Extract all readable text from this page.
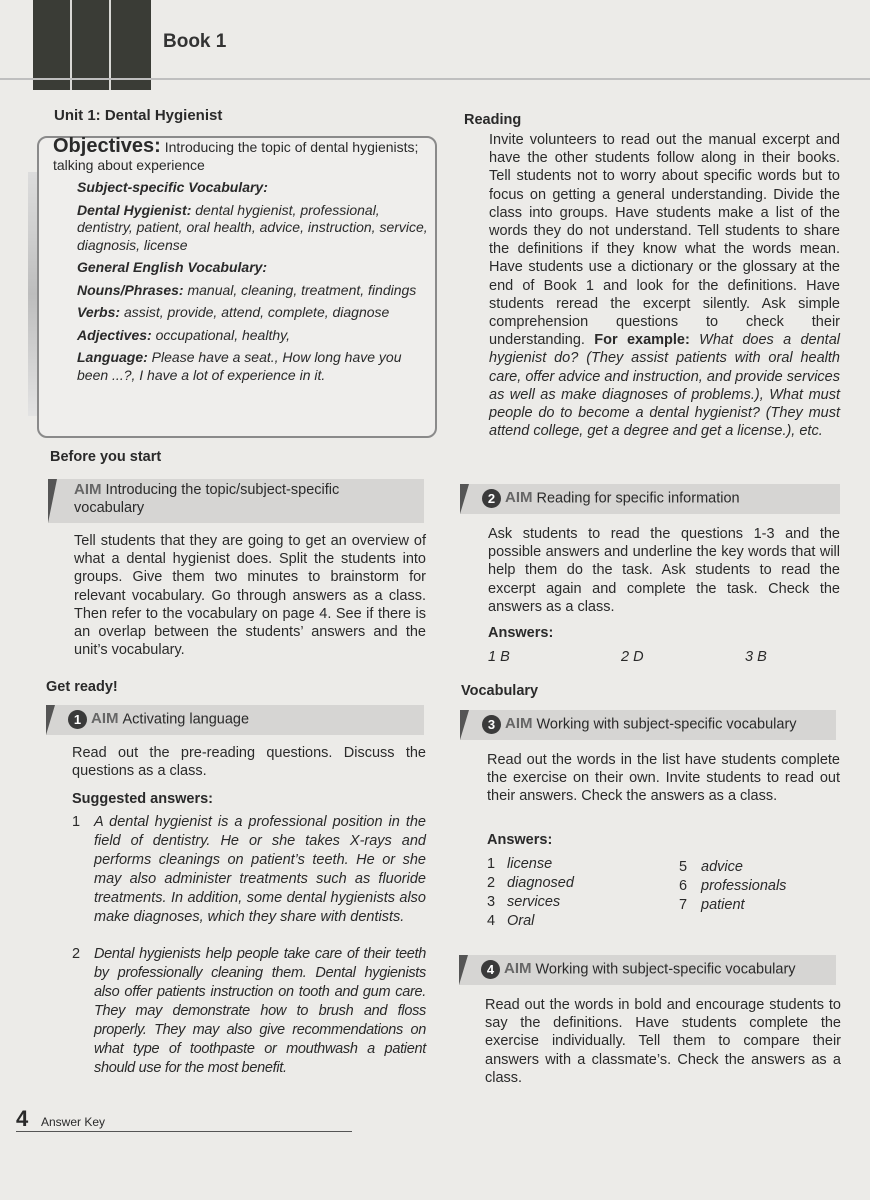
Book 1
Unit 1: Dental Hygienist

Objectives: Introducing the topic of dental hygienists; talking about experience

Subject-specific Vocabulary:

Dental Hygienist: dental hygienist, professional, dentistry, patient, oral health, advice, instruction, service, diagnosis, license

General English Vocabulary:

Nouns/Phrases: manual, cleaning, treatment, findings

Verbs: assist, provide, attend, complete, diagnose

Adjectives: occupational, healthy,

Language: Please have a seat., How long have you been ...?, I have a lot of experience in it.

Before you start
AIM Introducing the topic/subject-specific vocabulary
Tell students that they are going to get an overview of what a dental hygienist does. Split the students into groups. Give them two minutes to brainstorm for relevant vocabulary. Go through answers as a class. Then refer to the vocabulary on page 4. See if there is an overlap between the students’ answers and the unit’s vocabulary.
Get ready!
1 AIM Activating language
Read out the pre-reading questions. Discuss the questions as a class.
Suggested answers:
1 A dental hygienist is a professional position in the field of dentistry. He or she takes X-rays and performs cleanings on patient’s teeth. He or she may also administer treatments such as fluoride treatments. In addition, some dental hygienists also make diagnoses, which they share with dentists.
2 Dental hygienists help people take care of their teeth by professionally cleaning them. Dental hygienists also offer patients instruction on tooth and gum care. They may demonstrate how to brush and floss properly. They may also give recommendations on what type of toothpaste or mouthwash a patient should use for the most benefit.
Reading
Invite volunteers to read out the manual excerpt and have the other students follow along in their books. Tell students not to worry about specific words but to focus on getting a general understanding. Divide the class into groups. Have students make a list of the words they do not understand. Tell students to share the definitions if they know what the words mean. Have students use a dictionary or the glossary at the end of Book 1 and look for the definitions. Have students reread the excerpt silently. Ask simple comprehension questions to check their understanding. For example: What does a dental hygienist do? (They assist patients with oral health care, offer advice and instruction, and provide services as well as make diagnoses of problems.), What must people do to become a dental hygienist? (They must attend college, get a degree and get a license.), etc.
2 AIM Reading for specific information
Ask students to read the questions 1-3 and the possible answers and underline the key words that will help them do the task. Ask students to read the excerpt again and complete the task. Check the answers as a class.
Answers:
1 B	2 D	3 B
Vocabulary
3 AIM Working with subject-specific vocabulary
Read out the words in the list have students complete the exercise on their own. Invite students to read out their answers. Check the answers as a class.
Answers:
1 license
2 diagnosed
3 services
4 Oral
5 advice
6 professionals
7 patient
4 AIM Working with subject-specific vocabulary
Read out the words in bold and encourage students to say the definitions. Have students complete the exercise individually. Tell them to compare their answers with a classmate’s. Check the answers as a class.
4 Answer Key
